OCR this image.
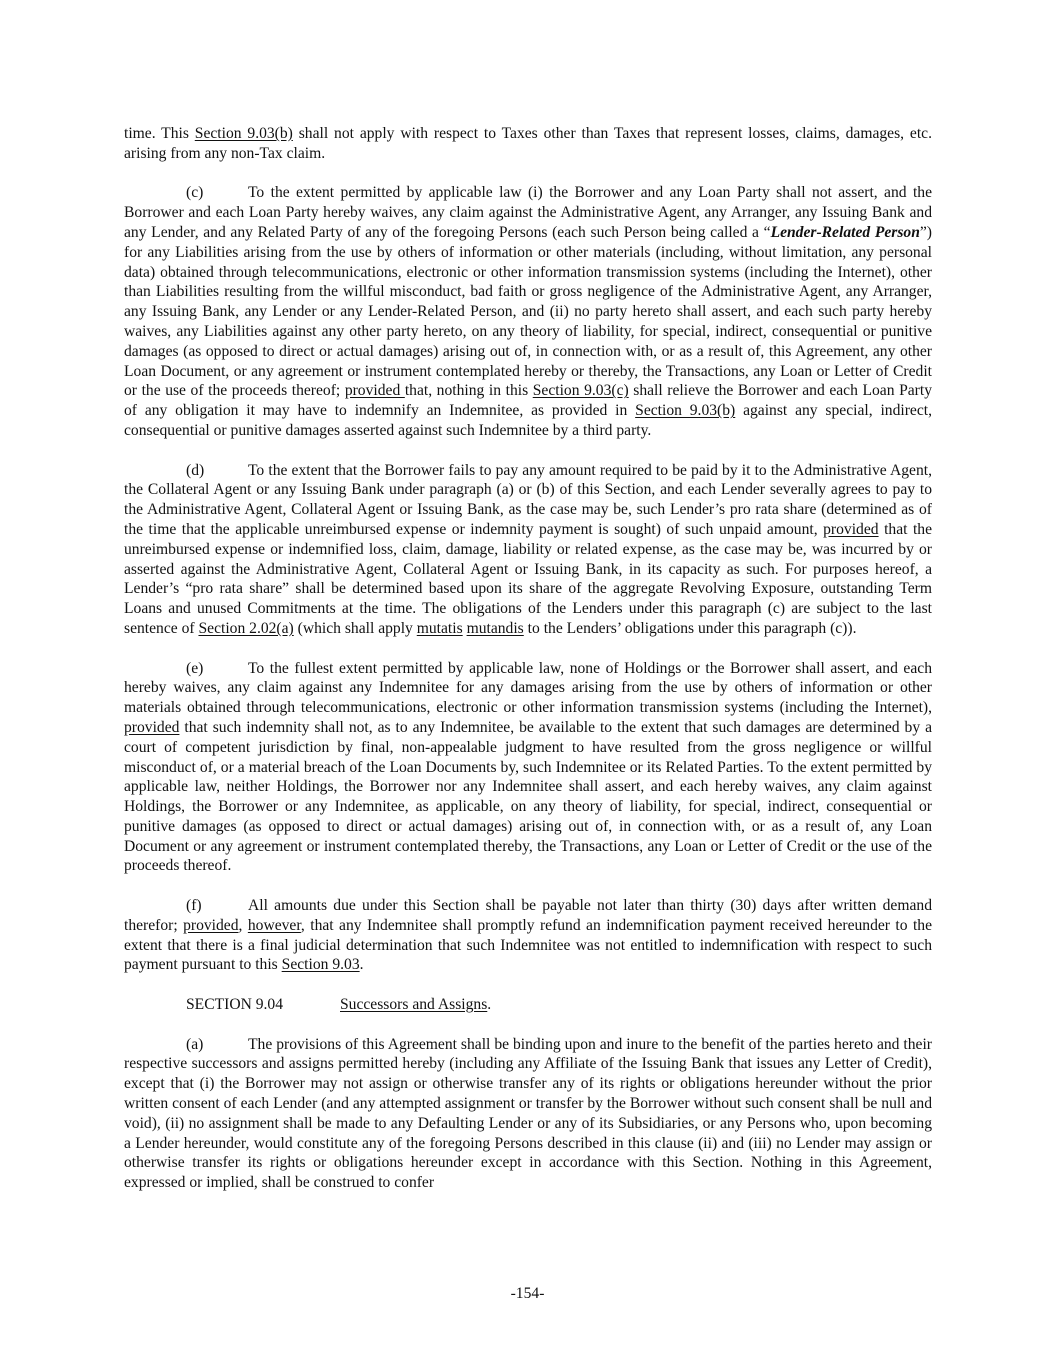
time. This Section 9.03(b) shall not apply with respect to Taxes other than Taxes that represent losses, claims, damages, etc. arising from any non-Tax claim.

(c)	To the extent permitted by applicable law (i) the Borrower and any Loan Party shall not assert, and the Borrower and each Loan Party hereby waives, any claim against the Administrative Agent, any Arranger, any Issuing Bank and any Lender, and any Related Party of any of the foregoing Persons (each such Person being called a “Lender-Related Person”) for any Liabilities arising from the use by others of information or other materials (including, without limitation, any personal data) obtained through telecommunications, electronic or other information transmission systems (including the Internet), other than Liabilities resulting from the willful misconduct, bad faith or gross negligence of the Administrative Agent, any Arranger, any Issuing Bank, any Lender or any Lender-Related Person, and (ii) no party hereto shall assert, and each such party hereby waives, any Liabilities against any other party hereto, on any theory of liability, for special, indirect, consequential or punitive damages (as opposed to direct or actual damages) arising out of, in connection with, or as a result of, this Agreement, any other Loan Document, or any agreement or instrument contemplated hereby or thereby, the Transactions, any Loan or Letter of Credit or the use of the proceeds thereof; provided that, nothing in this Section 9.03(c) shall relieve the Borrower and each Loan Party of any obligation it may have to indemnify an Indemnitee, as provided in Section 9.03(b) against any special, indirect, consequential or punitive damages asserted against such Indemnitee by a third party.

(d)	To the extent that the Borrower fails to pay any amount required to be paid by it to the Administrative Agent, the Collateral Agent or any Issuing Bank under paragraph (a) or (b) of this Section, and each Lender severally agrees to pay to the Administrative Agent, Collateral Agent or Issuing Bank, as the case may be, such Lender’s pro rata share (determined as of the time that the applicable unreimbursed expense or indemnity payment is sought) of such unpaid amount, provided that the unreimbursed expense or indemnified loss, claim, damage, liability or related expense, as the case may be, was incurred by or asserted against the Administrative Agent, Collateral Agent or Issuing Bank, in its capacity as such. For purposes hereof, a Lender’s “pro rata share” shall be determined based upon its share of the aggregate Revolving Exposure, outstanding Term Loans and unused Commitments at the time. The obligations of the Lenders under this paragraph (c) are subject to the last sentence of Section 2.02(a) (which shall apply mutatis mutandis to the Lenders’ obligations under this paragraph (c)).

(e)	To the fullest extent permitted by applicable law, none of Holdings or the Borrower shall assert, and each hereby waives, any claim against any Indemnitee for any damages arising from the use by others of information or other materials obtained through telecommunications, electronic or other information transmission systems (including the Internet), provided that such indemnity shall not, as to any Indemnitee, be available to the extent that such damages are determined by a court of competent jurisdiction by final, non-appealable judgment to have resulted from the gross negligence or willful misconduct of, or a material breach of the Loan Documents by, such Indemnitee or its Related Parties. To the extent permitted by applicable law, neither Holdings, the Borrower nor any Indemnitee shall assert, and each hereby waives, any claim against Holdings, the Borrower or any Indemnitee, as applicable, on any theory of liability, for special, indirect, consequential or punitive damages (as opposed to direct or actual damages) arising out of, in connection with, or as a result of, any Loan Document or any agreement or instrument contemplated thereby, the Transactions, any Loan or Letter of Credit or the use of the proceeds thereof.

(f)	All amounts due under this Section shall be payable not later than thirty (30) days after written demand therefor; provided, however, that any Indemnitee shall promptly refund an indemnification payment received hereunder to the extent that there is a final judicial determination that such Indemnitee was not entitled to indemnification with respect to such payment pursuant to this Section 9.03.

SECTION 9.04	Successors and Assigns.

(a)	The provisions of this Agreement shall be binding upon and inure to the benefit of the parties hereto and their respective successors and assigns permitted hereby (including any Affiliate of the Issuing Bank that issues any Letter of Credit), except that (i) the Borrower may not assign or otherwise transfer any of its rights or obligations hereunder without the prior written consent of each Lender (and any attempted assignment or transfer by the Borrower without such consent shall be null and void), (ii) no assignment shall be made to any Defaulting Lender or any of its Subsidiaries, or any Persons who, upon becoming a Lender hereunder, would constitute any of the foregoing Persons described in this clause (ii) and (iii) no Lender may assign or otherwise transfer its rights or obligations hereunder except in accordance with this Section. Nothing in this Agreement, expressed or implied, shall be construed to confer

-154-
